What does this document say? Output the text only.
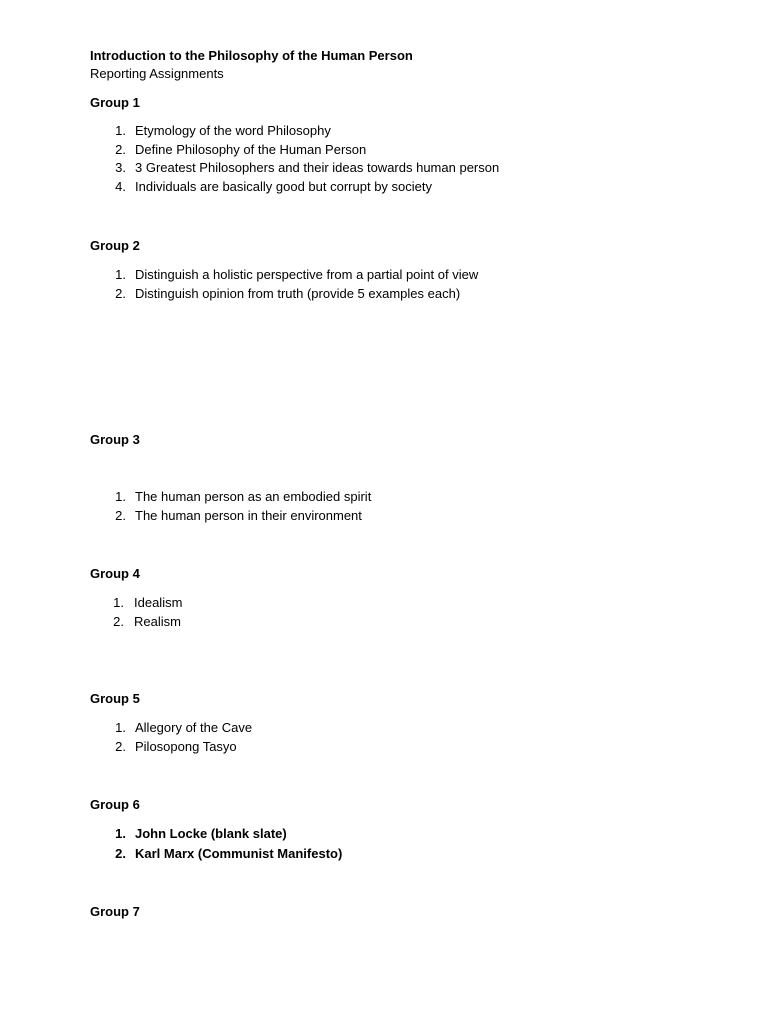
Introduction to the Philosophy of the Human Person
Reporting Assignments
Group 1
1. Etymology of the word Philosophy
2. Define Philosophy of the Human Person
3. 3 Greatest Philosophers and their ideas towards human person
4. Individuals are basically good but corrupt by society
Group 2
1. Distinguish a holistic perspective from a partial point of view
2. Distinguish opinion from truth (provide 5 examples each)
Group 3
1. The human person as an embodied spirit
2. The human person in their environment
Group 4
1. Idealism
2. Realism
Group 5
1. Allegory of the Cave
2. Pilosopong Tasyo
Group 6
1. John Locke (blank slate)
2. Karl Marx (Communist Manifesto)
Group 7
